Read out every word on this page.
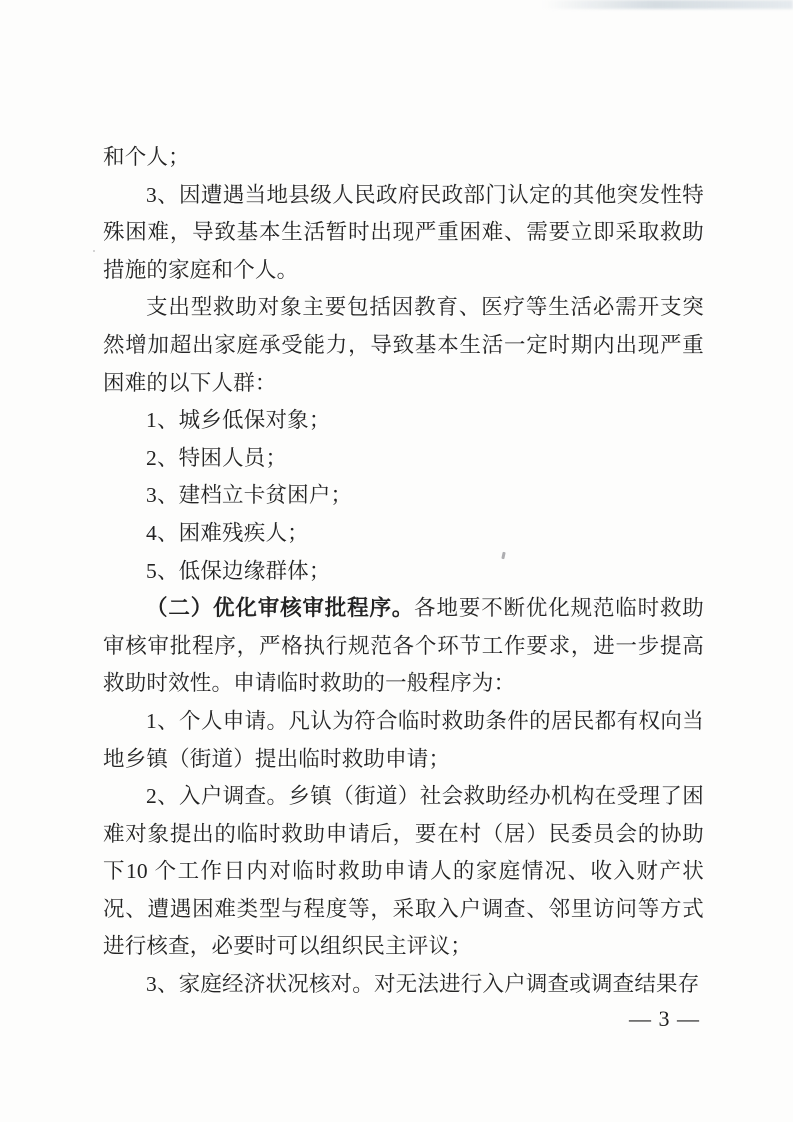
和个人；

3、因遭遇当地县级人民政府民政部门认定的其他突发性特殊困难，导致基本生活暂时出现严重困难、需要立即采取救助措施的家庭和个人。

支出型救助对象主要包括因教育、医疗等生活必需开支突然增加超出家庭承受能力，导致基本生活一定时期内出现严重困难的以下人群：

1、城乡低保对象；

2、特困人员；

3、建档立卡贫困户；

4、困难残疾人；

5、低保边缘群体；

（二）优化审核审批程序。各地要不断优化规范临时救助审核审批程序，严格执行规范各个环节工作要求，进一步提高救助时效性。申请临时救助的一般程序为：

1、个人申请。凡认为符合临时救助条件的居民都有权向当地乡镇（街道）提出临时救助申请；

2、入户调查。乡镇（街道）社会救助经办机构在受理了困难对象提出的临时救助申请后，要在村（居）民委员会的协助下10 个工作日内对临时救助申请人的家庭情况、收入财产状况、遭遇困难类型与程度等，采取入户调查、邻里访问等方式进行核查，必要时可以组织民主评议；

3、家庭经济状况核对。对无法进行入户调查或调查结果存

— 3 —
